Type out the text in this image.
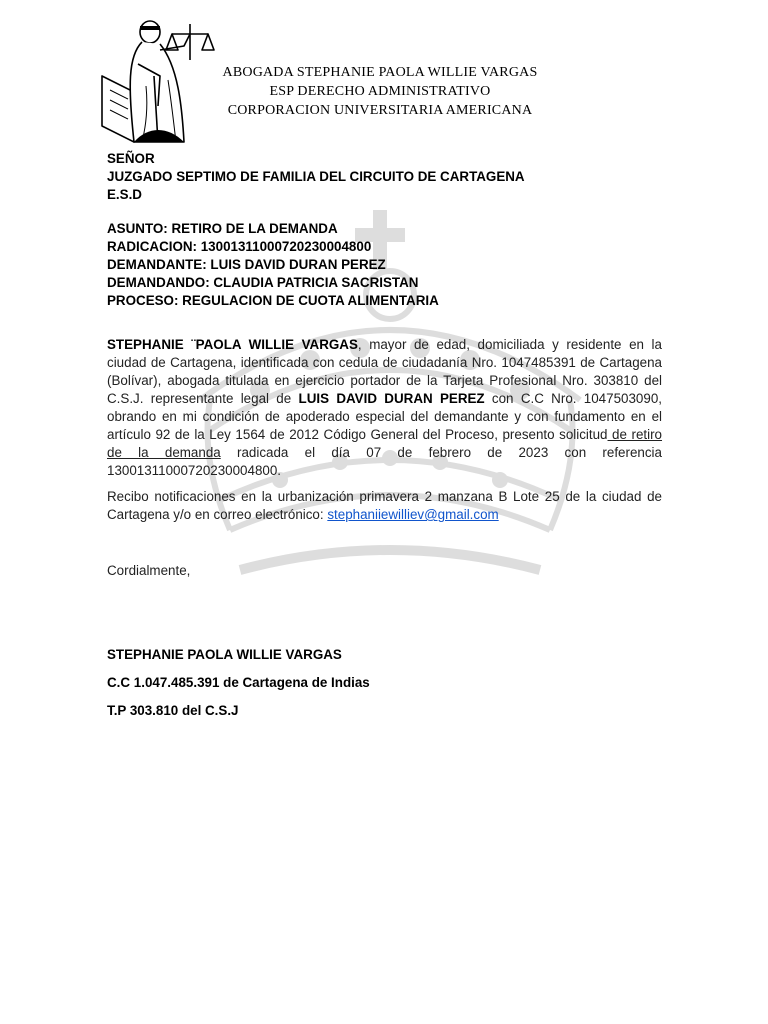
ABOGADA STEPHANIE PAOLA WILLIE VARGAS
ESP DERECHO ADMINISTRATIVO
CORPORACION UNIVERSITARIA AMERICANA
SEÑOR
JUZGADO SEPTIMO DE FAMILIA DEL CIRCUITO DE CARTAGENA
E.S.D
ASUNTO: RETIRO DE LA DEMANDA
RADICACION: 13001311000720230004800
DEMANDANTE: LUIS DAVID DURAN PEREZ
DEMANDANDO: CLAUDIA PATRICIA SACRISTAN
PROCESO: REGULACION DE CUOTA ALIMENTARIA
STEPHANIE ¨PAOLA WILLIE VARGAS, mayor de edad, domiciliada y residente en la ciudad de Cartagena, identificada con cedula de ciudadanía Nro. 1047485391 de Cartagena (Bolívar), abogada titulada en ejercicio portador de la Tarjeta Profesional Nro. 303810 del C.S.J. representante legal de LUIS DAVID DURAN PEREZ con C.C Nro. 1047503090, obrando en mi condición de apoderado especial del demandante y con fundamento en el artículo 92 de la Ley 1564 de 2012 Código General del Proceso, presento solicitud de retiro de la demanda radicada el día 07 de febrero de 2023 con referencia 13001311000720230004800.
Recibo notificaciones en la urbanización primavera 2 manzana B Lote 25 de la ciudad de Cartagena y/o en correo electrónico: stephaniiewilliev@gmail.com
Cordialmente,
STEPHANIE PAOLA WILLIE VARGAS
C.C 1.047.485.391 de Cartagena de Indias
T.P 303.810 del C.S.J
